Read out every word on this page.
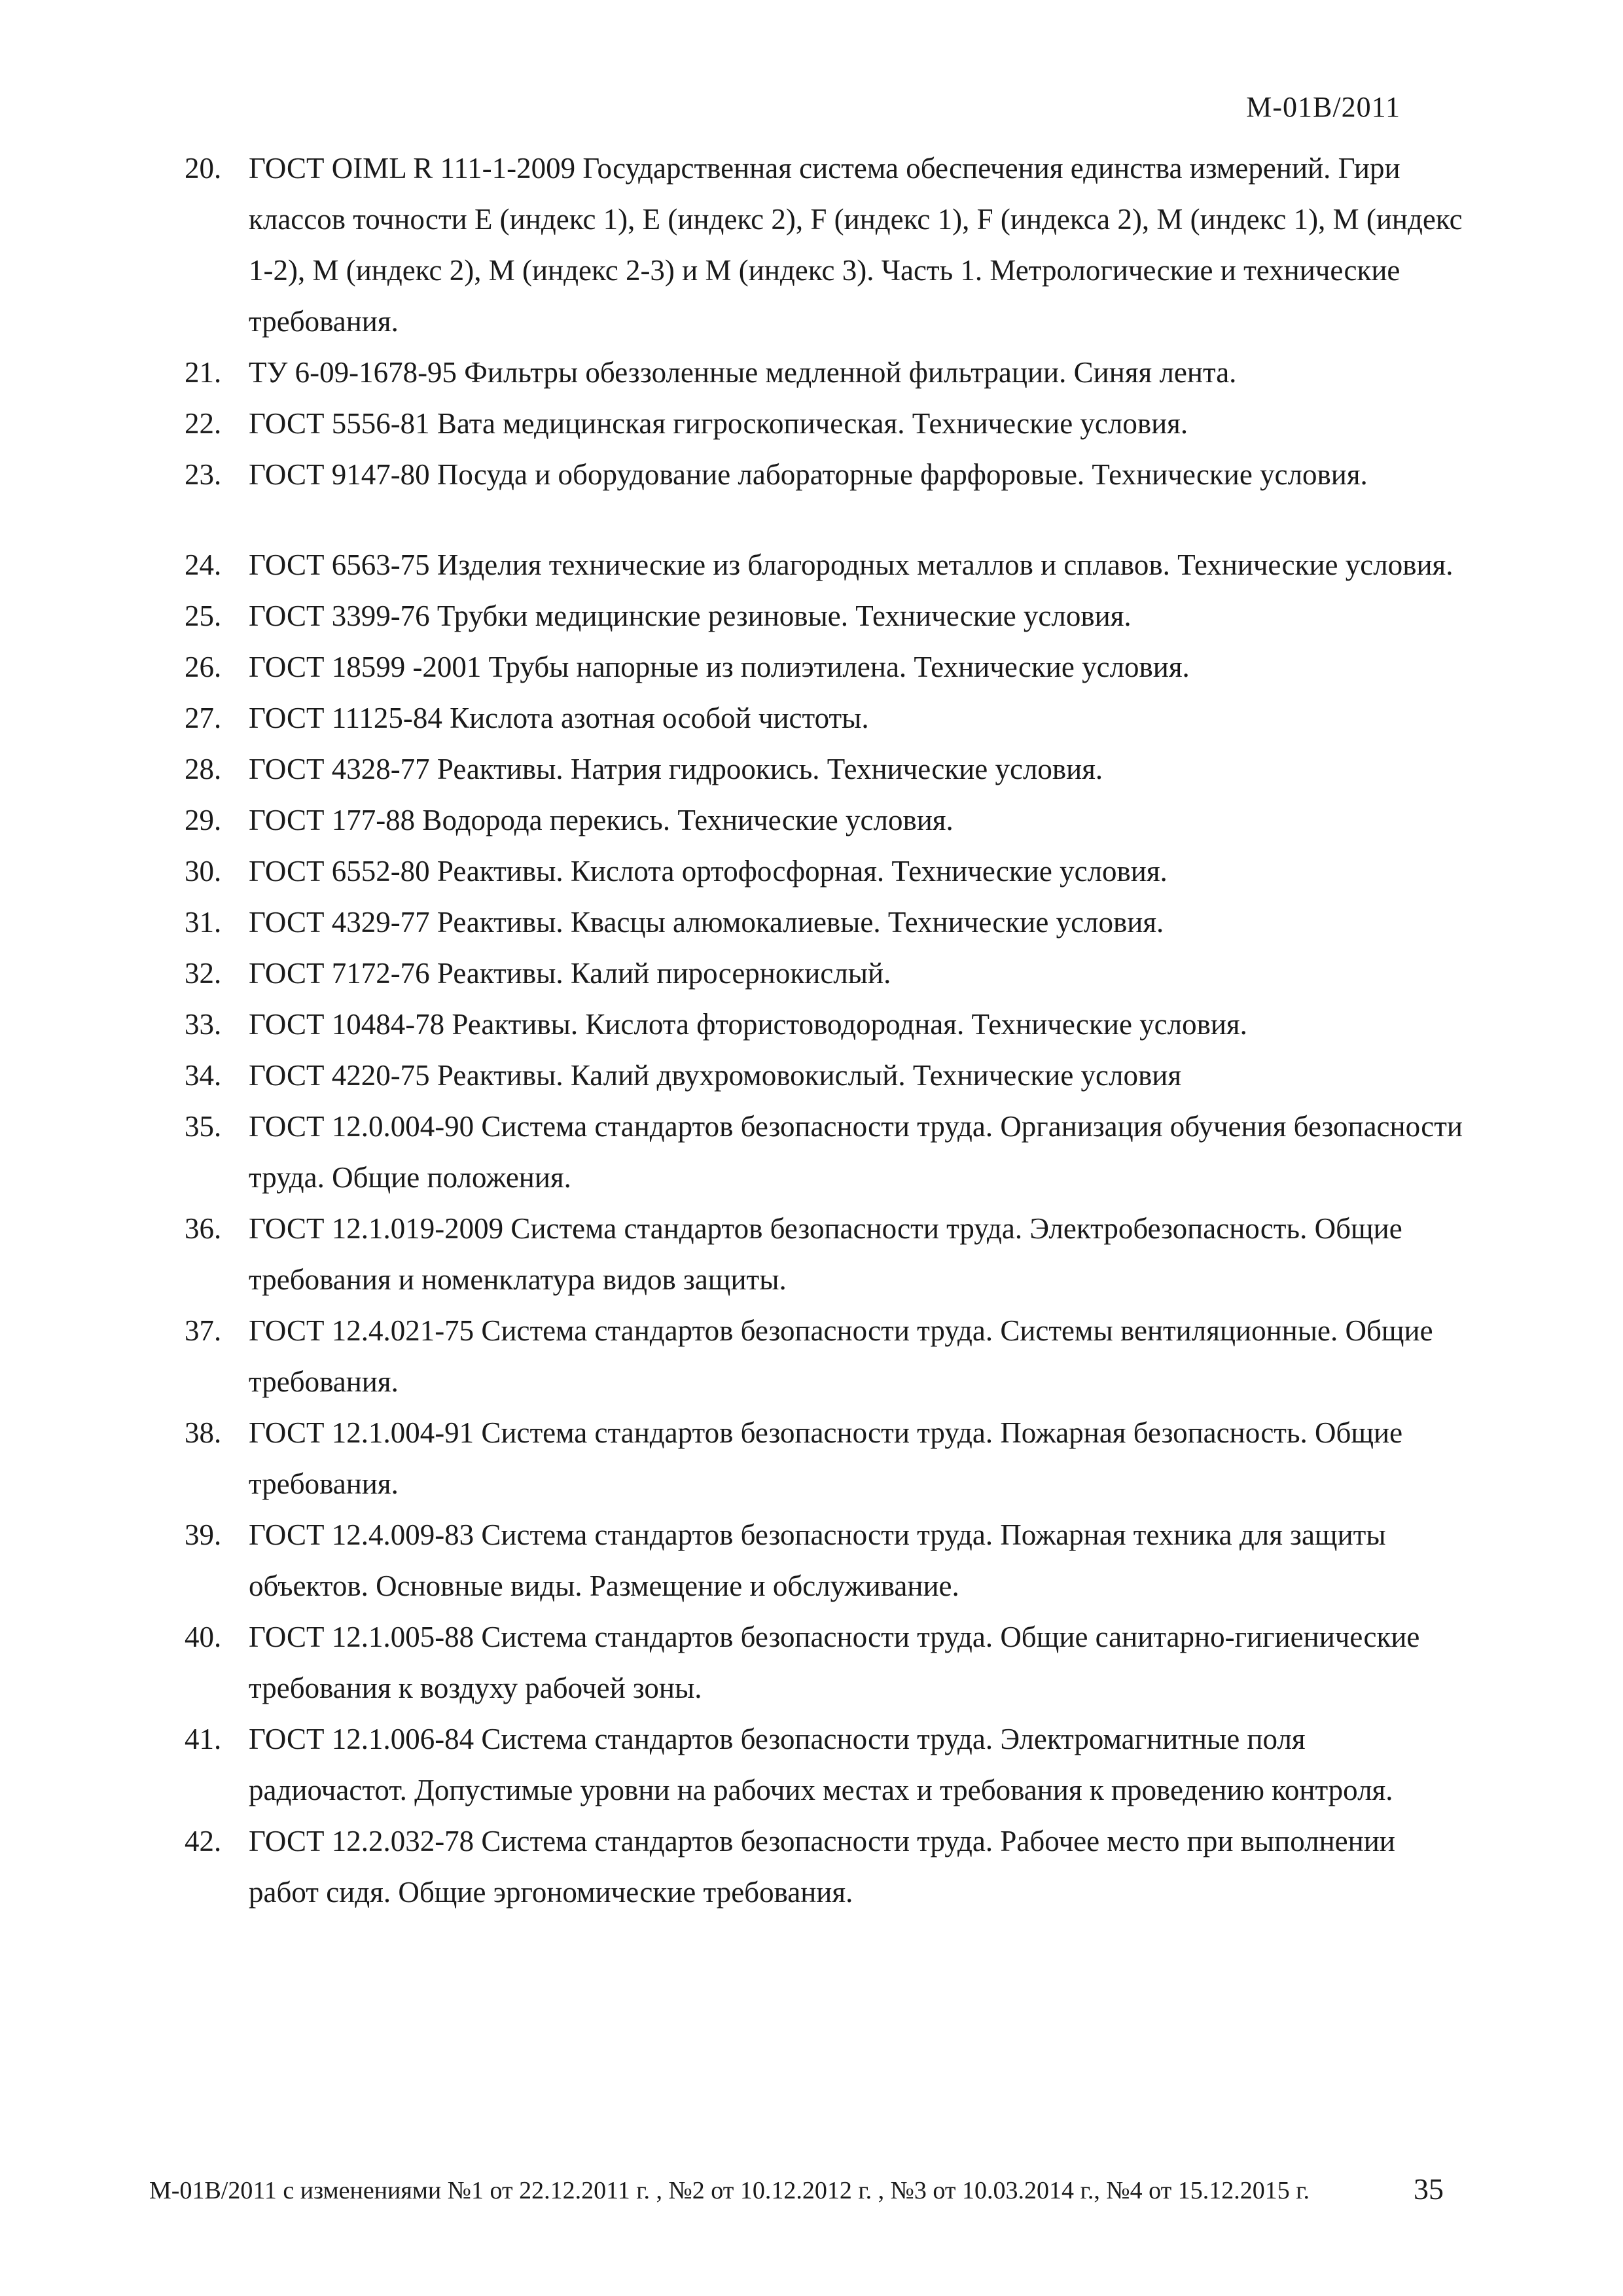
М-01В/2011
20. ГОСТ OIML R 111-1-2009 Государственная система обеспечения единства измерений. Гири классов точности E (индекс 1), E (индекс 2), F (индекс 1), F (индекса 2), M (индекс 1), M (индекс 1-2), M (индекс 2), M (индекс 2-3) и M (индекс 3). Часть 1. Метрологические и технические требования.
21. ТУ 6-09-1678-95 Фильтры обеззоленные медленной фильтрации. Синяя лента.
22. ГОСТ 5556-81 Вата медицинская гигроскопическая. Технические условия.
23. ГОСТ 9147-80 Посуда и оборудование лабораторные фарфоровые. Технические условия.
24. ГОСТ 6563-75 Изделия технические из благородных металлов и сплавов. Технические условия.
25. ГОСТ 3399-76 Трубки медицинские резиновые. Технические условия.
26. ГОСТ 18599 -2001 Трубы напорные из полиэтилена. Технические условия.
27. ГОСТ 11125-84 Кислота азотная особой чистоты.
28. ГОСТ 4328-77 Реактивы. Натрия гидроокись. Технические условия.
29. ГОСТ 177-88 Водорода перекись. Технические условия.
30. ГОСТ 6552-80 Реактивы. Кислота ортофосфорная. Технические условия.
31. ГОСТ 4329-77 Реактивы. Квасцы алюмокалиевые. Технические условия.
32. ГОСТ 7172-76 Реактивы. Калий пиросернокислый.
33. ГОСТ 10484-78 Реактивы. Кислота фтористоводородная. Технические условия.
34. ГОСТ 4220-75 Реактивы. Калий двухромовокислый. Технические условия
35. ГОСТ 12.0.004-90 Система стандартов безопасности труда. Организация обучения безопасности труда. Общие положения.
36. ГОСТ 12.1.019-2009 Система стандартов безопасности труда. Электробезопасность. Общие требования и номенклатура видов защиты.
37. ГОСТ 12.4.021-75 Система стандартов безопасности труда. Системы вентиляционные. Общие требования.
38. ГОСТ 12.1.004-91 Система стандартов безопасности труда. Пожарная безопасность. Общие требования.
39. ГОСТ 12.4.009-83 Система стандартов безопасности труда. Пожарная техника для защиты объектов. Основные виды. Размещение и обслуживание.
40. ГОСТ 12.1.005-88 Система стандартов безопасности труда. Общие санитарно-гигиенические требования к воздуху рабочей зоны.
41. ГОСТ 12.1.006-84 Система стандартов безопасности труда. Электромагнитные поля радиочастот. Допустимые уровни на рабочих местах и требования к проведению контроля.
42. ГОСТ 12.2.032-78 Система стандартов безопасности труда. Рабочее место при выполнении работ сидя. Общие эргономические требования.
М-01В/2011 с изменениями №1 от 22.12.2011 г. , №2 от 10.12.2012 г. , №3 от 10.03.2014 г., №4 от 15.12.2015 г.	35
